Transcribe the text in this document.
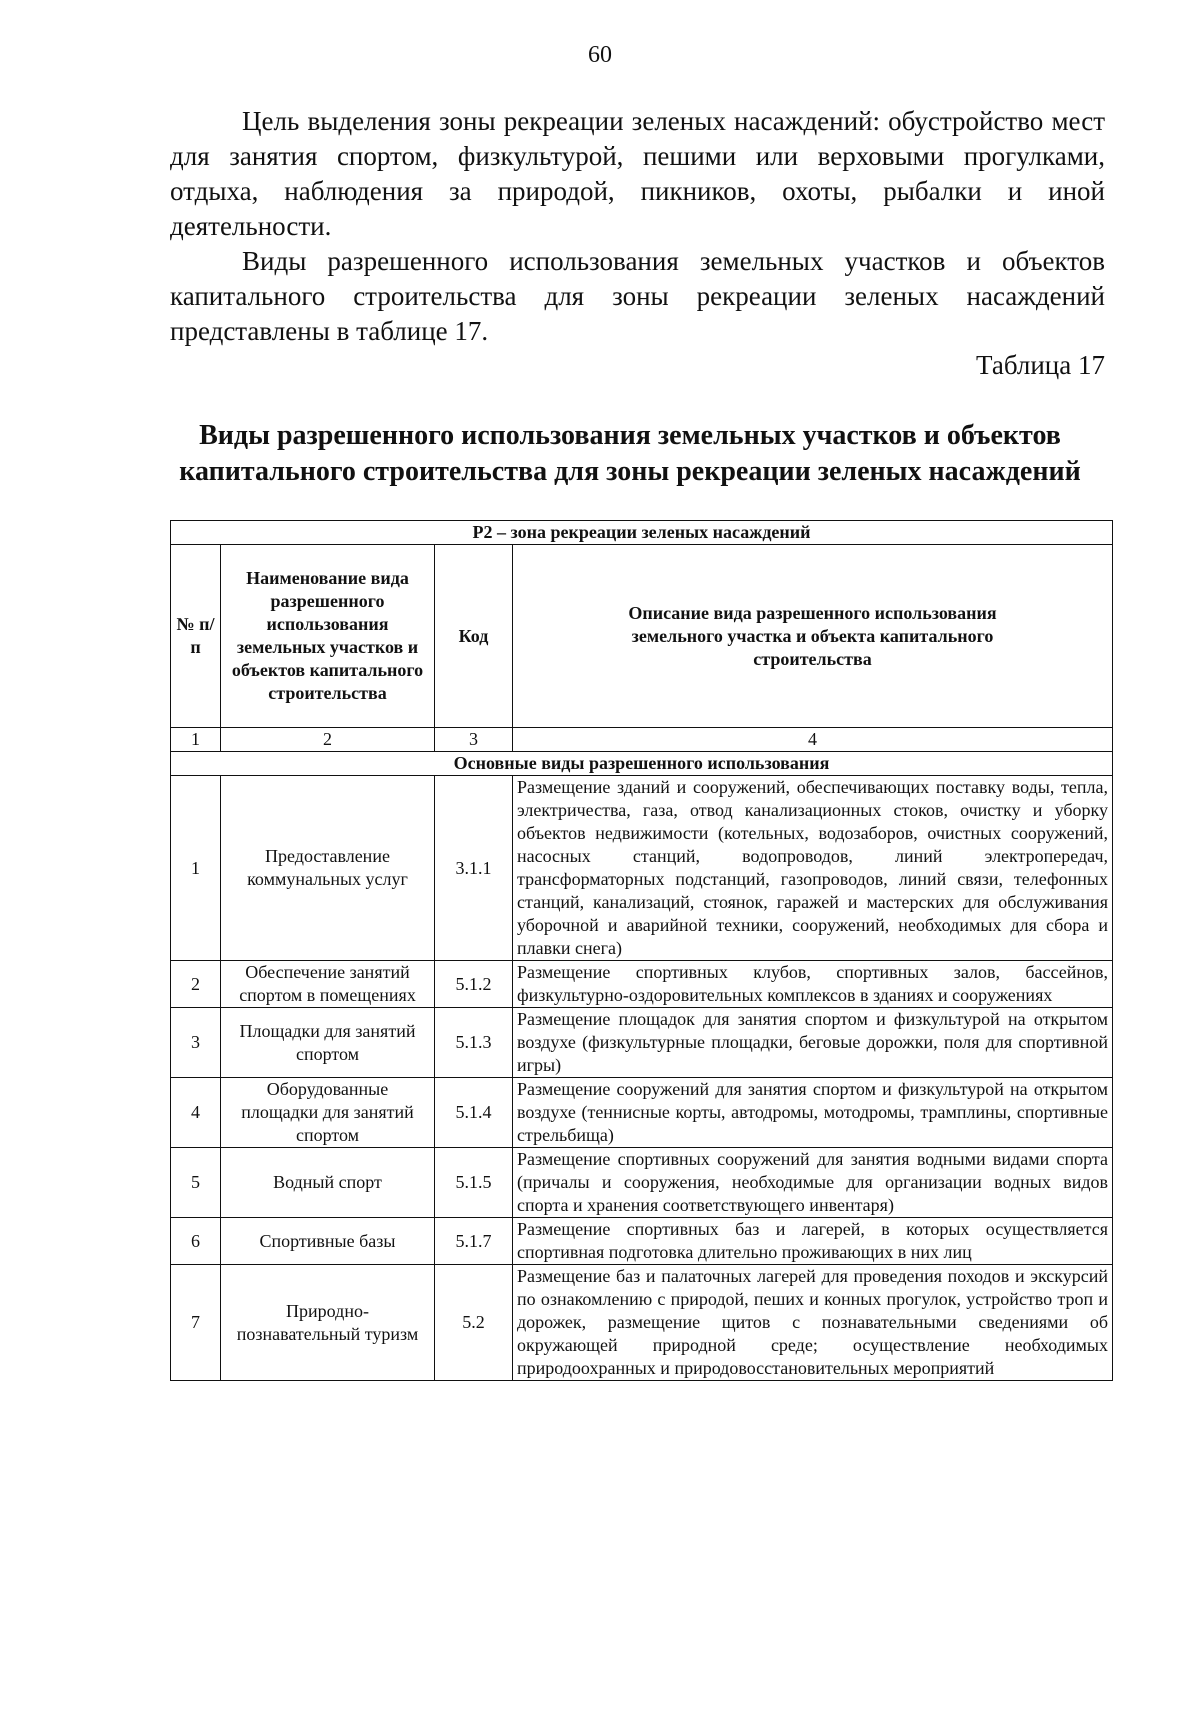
60

Цель выделения зоны рекреации зеленых насаждений: обустройство мест для занятия спортом, физкультурой, пешими или верховыми прогулками, отдыха, наблюдения за природой, пикников, охоты, рыбалки и иной деятельности.

Виды разрешенного использования земельных участков и объектов капитального строительства для зоны рекреации зеленых насаждений представлены в таблице 17.

Таблица 17
Виды разрешенного использования земельных участков и объектов капитального строительства для зоны рекреации зеленых насаждений
Р2 – зона рекреации зеленых насаждений			
№ п/п	Наименование вида разрешенного использования земельных участков и объектов капитального строительства	Код	Описание вида разрешенного использования земельного участка и объекта капитального строительства
1	2	3	4
Основные виды разрешенного использования			
1	Предоставление коммунальных услуг	3.1.1	Размещение зданий и сооружений, обеспечивающих поставку воды, тепла, электричества, газа, отвод канализационных стоков, очистку и уборку объектов недвижимости (котельных, водозаборов, очистных сооружений, насосных станций, водопроводов, линий электропередач, трансформаторных подстанций, газопроводов, линий связи, телефонных станций, канализаций, стоянок, гаражей и мастерских для обслуживания уборочной и аварийной техники, сооружений, необходимых для сбора и плавки снега)
2	Обеспечение занятий спортом в помещениях	5.1.2	Размещение спортивных клубов, спортивных залов, бассейнов, физкультурно-оздоровительных комплексов в зданиях и сооружениях
3	Площадки для занятий спортом	5.1.3	Размещение площадок для занятия спортом и физкультурой на открытом воздухе (физкультурные площадки, беговые дорожки, поля для спортивной игры)
4	Оборудованные площадки для занятий спортом	5.1.4	Размещение сооружений для занятия спортом и физкультурой на открытом воздухе (теннисные корты, автодромы, мотодромы, трамплины, спортивные стрельбища)
5	Водный спорт	5.1.5	Размещение спортивных сооружений для занятия водными видами спорта (причалы и сооружения, необходимые для организации водных видов спорта и хранения соответствующего инвентаря)
6	Спортивные базы	5.1.7	Размещение спортивных баз и лагерей, в которых осуществляется спортивная подготовка длительно проживающих в них лиц
7	Природно-познавательный туризм	5.2	Размещение баз и палаточных лагерей для проведения походов и экскурсий по ознакомлению с природой, пеших и конных прогулок, устройство троп и дорожек, размещение щитов с познавательными сведениями об окружающей природной среде; осуществление необходимых природоохранных и природовосстановительных мероприятий
